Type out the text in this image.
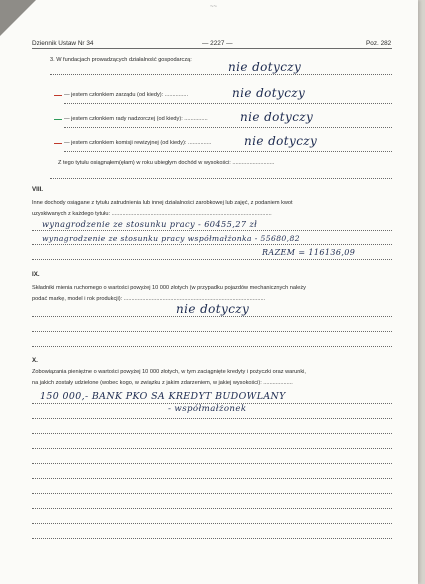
~~
Dziennik Ustaw Nr 34	— 2227 —	Poz. 282
3. W fundacjach prowadzących działalność gospodarczą:	nie dotyczy
— jestem członkiem zarządu (od kiedy): ...............	nie dotyczy
— jestem członkiem rady nadzorczej (od kiedy): ...............	nie dotyczy
— jestem członkiem komisji rewizyjnej (od kiedy): ...............	nie dotyczy
Z tego tytułu osiągnąłem(ęłam) w roku ubiegłym dochód w wysokości: ...........................
VIII.
Inne dochody osiągane z tytułu zatrudnienia lub innej działalności zarobkowej lub zajęć, z podaniem kwot
uzyskiwanych z każdego tytułu: .......................................................................................................
wynagrodzenie ze stosunku pracy - 60455,27 zł
wynagrodzenie ze stosunku pracy współmałżonka - 55680,82
RAZEM = 116136,09
IX.
Składniki mienia ruchomego o wartości powyżej 10 000 złotych (w przypadku pojazdów mechanicznych należy
podać markę, model i rok produkcji): ...........................................................................................
nie dotyczy
X.
Zobowiązania pieniężne o wartości powyżej 10 000 złotych, w tym zaciągnięte kredyty i pożyczki oraz warunki,
na jakich zostały udzielone (wobec kogo, w związku z jakim zdarzeniem, w jakiej wysokości): ...................
150 000,- BANK PKO SA KREDYT BUDOWLANY
- współmałżonek
